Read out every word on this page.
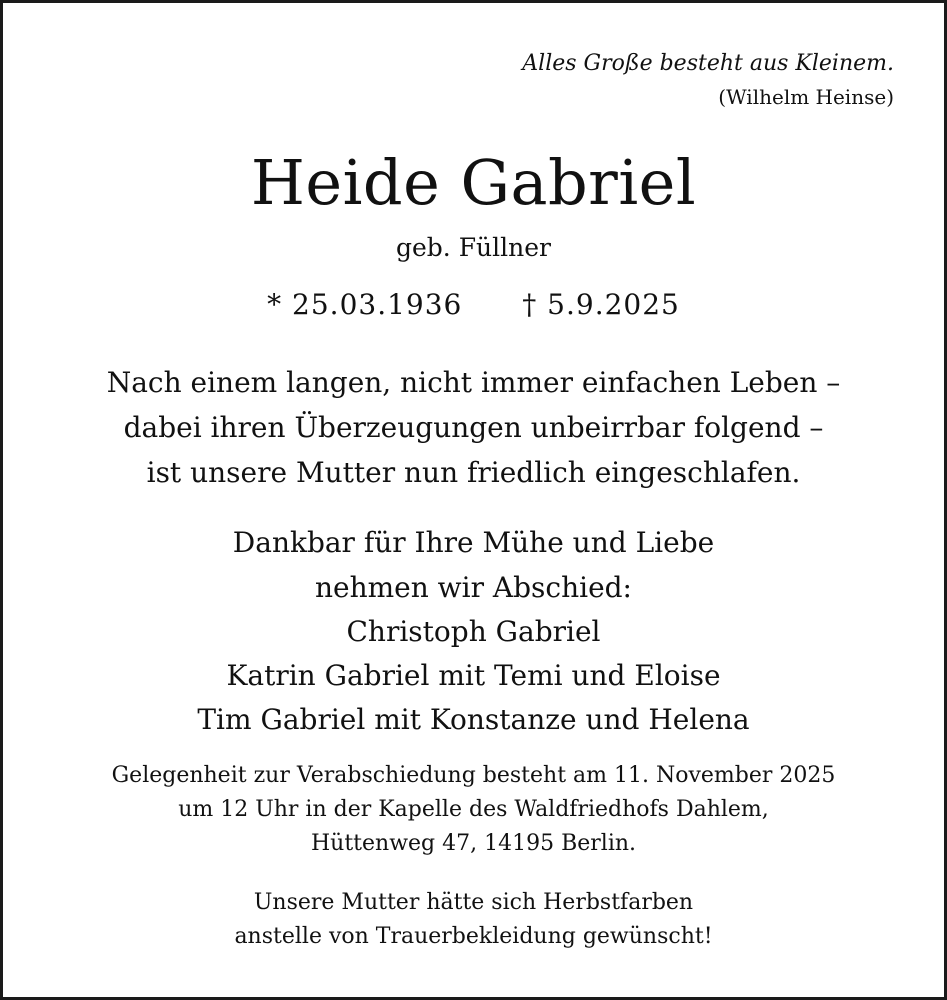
Alles Große besteht aus Kleinem.
(Wilhelm Heinse)
Heide Gabriel
geb. Füllner
* 25.03.1936 † 5.9.2025
Nach einem langen, nicht immer einfachen Leben –
dabei ihren Überzeugungen unbeirrbar folgend –
ist unsere Mutter nun friedlich eingeschlafen.
Dankbar für Ihre Mühe und Liebe
nehmen wir Abschied:
Christoph Gabriel
Katrin Gabriel mit Temi und Eloise
Tim Gabriel mit Konstanze und Helena
Gelegenheit zur Verabschiedung besteht am 11. November 2025
um 12 Uhr in der Kapelle des Waldfriedhofs Dahlem,
Hüttenweg 47, 14195 Berlin.
Unsere Mutter hätte sich Herbstfarben
anstelle von Trauerbekleidung gewünscht!
